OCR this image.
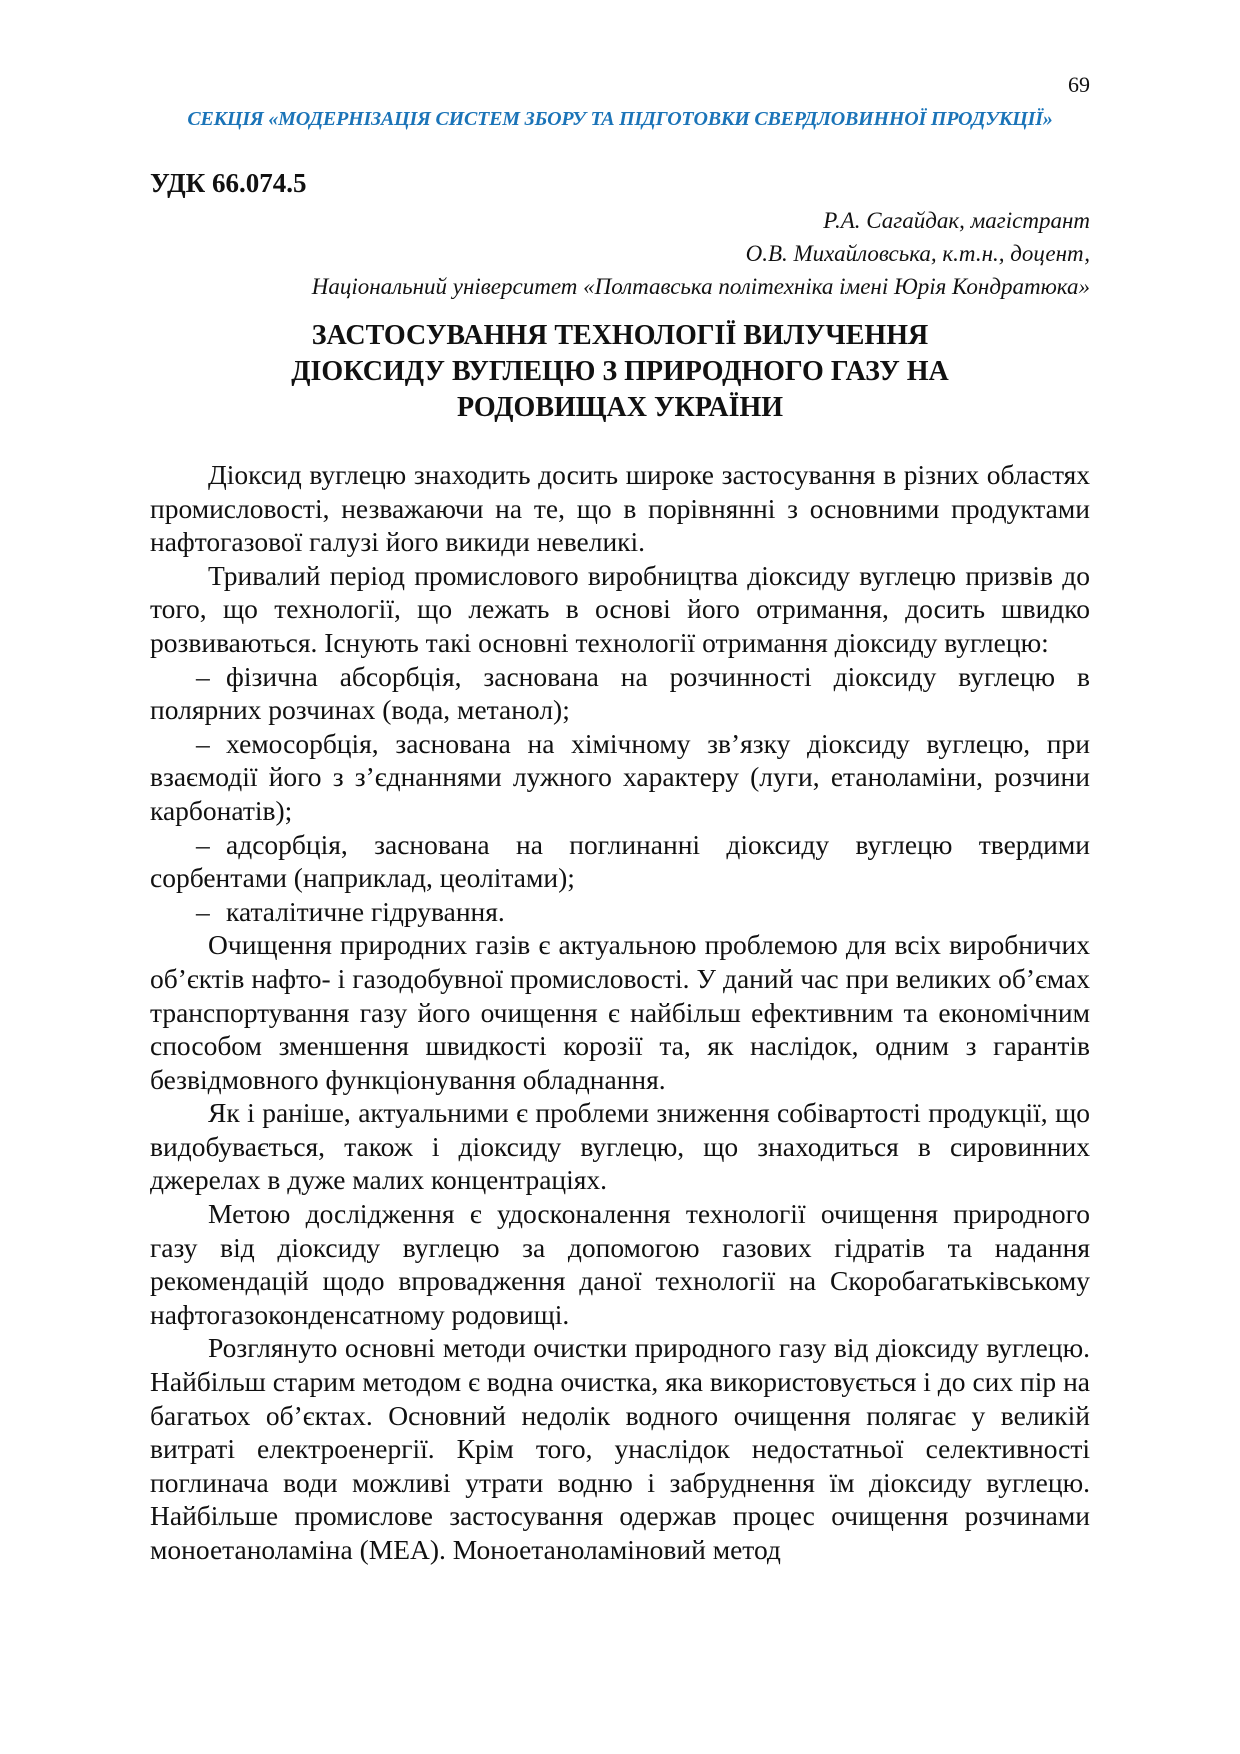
69
СЕКЦІЯ «МОДЕРНІЗАЦІЯ СИСТЕМ ЗБОРУ ТА ПІДГОТОВКИ СВЕРДЛОВИННОЇ ПРОДУКЦІЇ»
УДК 66.074.5
Р.А. Сагайдак, магістрант
О.В. Михайловська, к.т.н., доцент,
Національний університет «Полтавська політехніка імені Юрія Кондратюка»
ЗАСТОСУВАННЯ ТЕХНОЛОГІЇ ВИЛУЧЕННЯ
ДІОКСИДУ ВУГЛЕЦЮ З ПРИРОДНОГО ГАЗУ НА
РОДОВИЩАХ УКРАЇНИ

Діоксид вуглецю знаходить досить широке застосування в різних областях промисловості, незважаючи на те, що в порівнянні з основними продуктами нафтогазової галузі його викиди невеликі.

Тривалий період промислового виробництва діоксиду вуглецю призвів до того, що технології, що лежать в основі його отримання, досить швидко розвиваються. Існують такі основні технології отримання діоксиду вуглецю:

– фізична абсорбція, заснована на розчинності діоксиду вуглецю в полярних розчинах (вода, метанол);

– хемосорбція, заснована на хімічному зв’язку діоксиду вуглецю, при взаємодії його з з’єднаннями лужного характеру (луги, етаноламіни, розчини карбонатів);

– адсорбція, заснована на поглинанні діоксиду вуглецю твердими сорбентами (наприклад, цеолітами);

– каталітичне гідрування.

Очищення природних газів є актуальною проблемою для всіх виробничих об’єктів нафто- і газодобувної промисловості. У даний час при великих об’ємах транспортування газу його очищення є найбільш ефективним та економічним способом зменшення швидкості корозії та, як наслідок, одним з гарантів безвідмовного функціонування обладнання.

Як і раніше, актуальними є проблеми зниження собівартості продукції, що видобувається, також і діоксиду вуглецю, що знаходиться в сировинних джерелах в дуже малих концентраціях.

Метою дослідження є удосконалення технології очищення природного газу від діоксиду вуглецю за допомогою газових гідратів та надання рекомендацій щодо впровадження даної технології на Скоробагатьківському нафтогазоконденсатному родовищі.

Розглянуто основні методи очистки природного газу від діоксиду вуглецю. Найбільш старим методом є водна очистка, яка використовується і до сих пір на багатьох об’єктах. Основний недолік водного очищення полягає у великій витраті електроенергії. Крім того, унаслідок недостатньої селективності поглинача води можливі утрати водню і забруднення їм діоксиду вуглецю. Найбільше промислове застосування одержав процес очищення розчинами моноетаноламіна (МЕА). Моноетаноламіновий метод
